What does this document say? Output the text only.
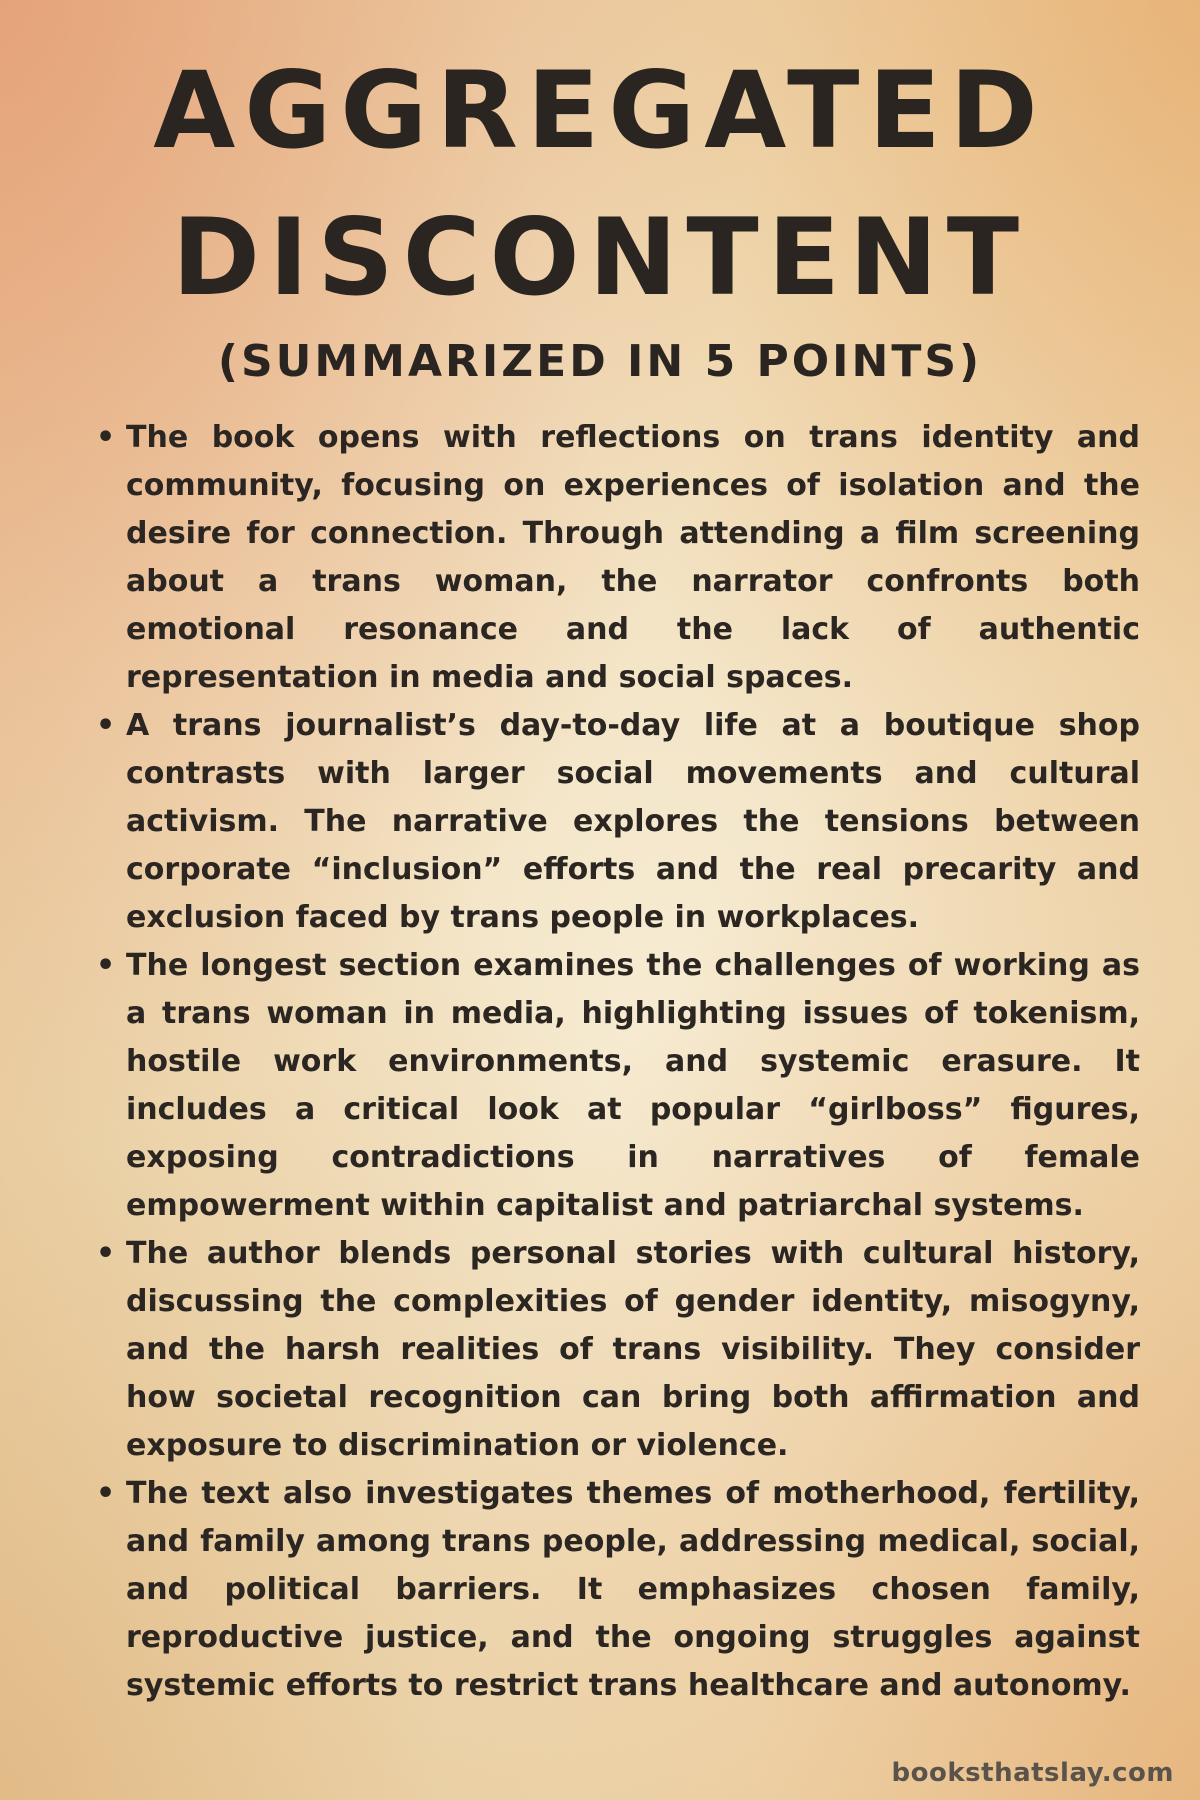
AGGREGATED
DISCONTENT
(SUMMARIZED IN 5 POINTS)
• The book opens with reflections on trans identity and community, focusing on experiences of isolation and the desire for connection. Through attending a film screening about a trans woman, the narrator confronts both emotional resonance and the lack of authentic representation in media and social spaces.
• A trans journalist’s day-to-day life at a boutique shop contrasts with larger social movements and cultural activism. The narrative explores the tensions between corporate “inclusion” efforts and the real precarity and exclusion faced by trans people in workplaces.
• The longest section examines the challenges of working as a trans woman in media, highlighting issues of tokenism, hostile work environments, and systemic erasure. It includes a critical look at popular “girlboss” figures, exposing contradictions in narratives of female empowerment within capitalist and patriarchal systems.
• The author blends personal stories with cultural history, discussing the complexities of gender identity, misogyny, and the harsh realities of trans visibility. They consider how societal recognition can bring both affirmation and exposure to discrimination or violence.
• The text also investigates themes of motherhood, fertility, and family among trans people, addressing medical, social, and political barriers. It emphasizes chosen family, reproductive justice, and the ongoing struggles against systemic efforts to restrict trans healthcare and autonomy.
booksthatslay.com
